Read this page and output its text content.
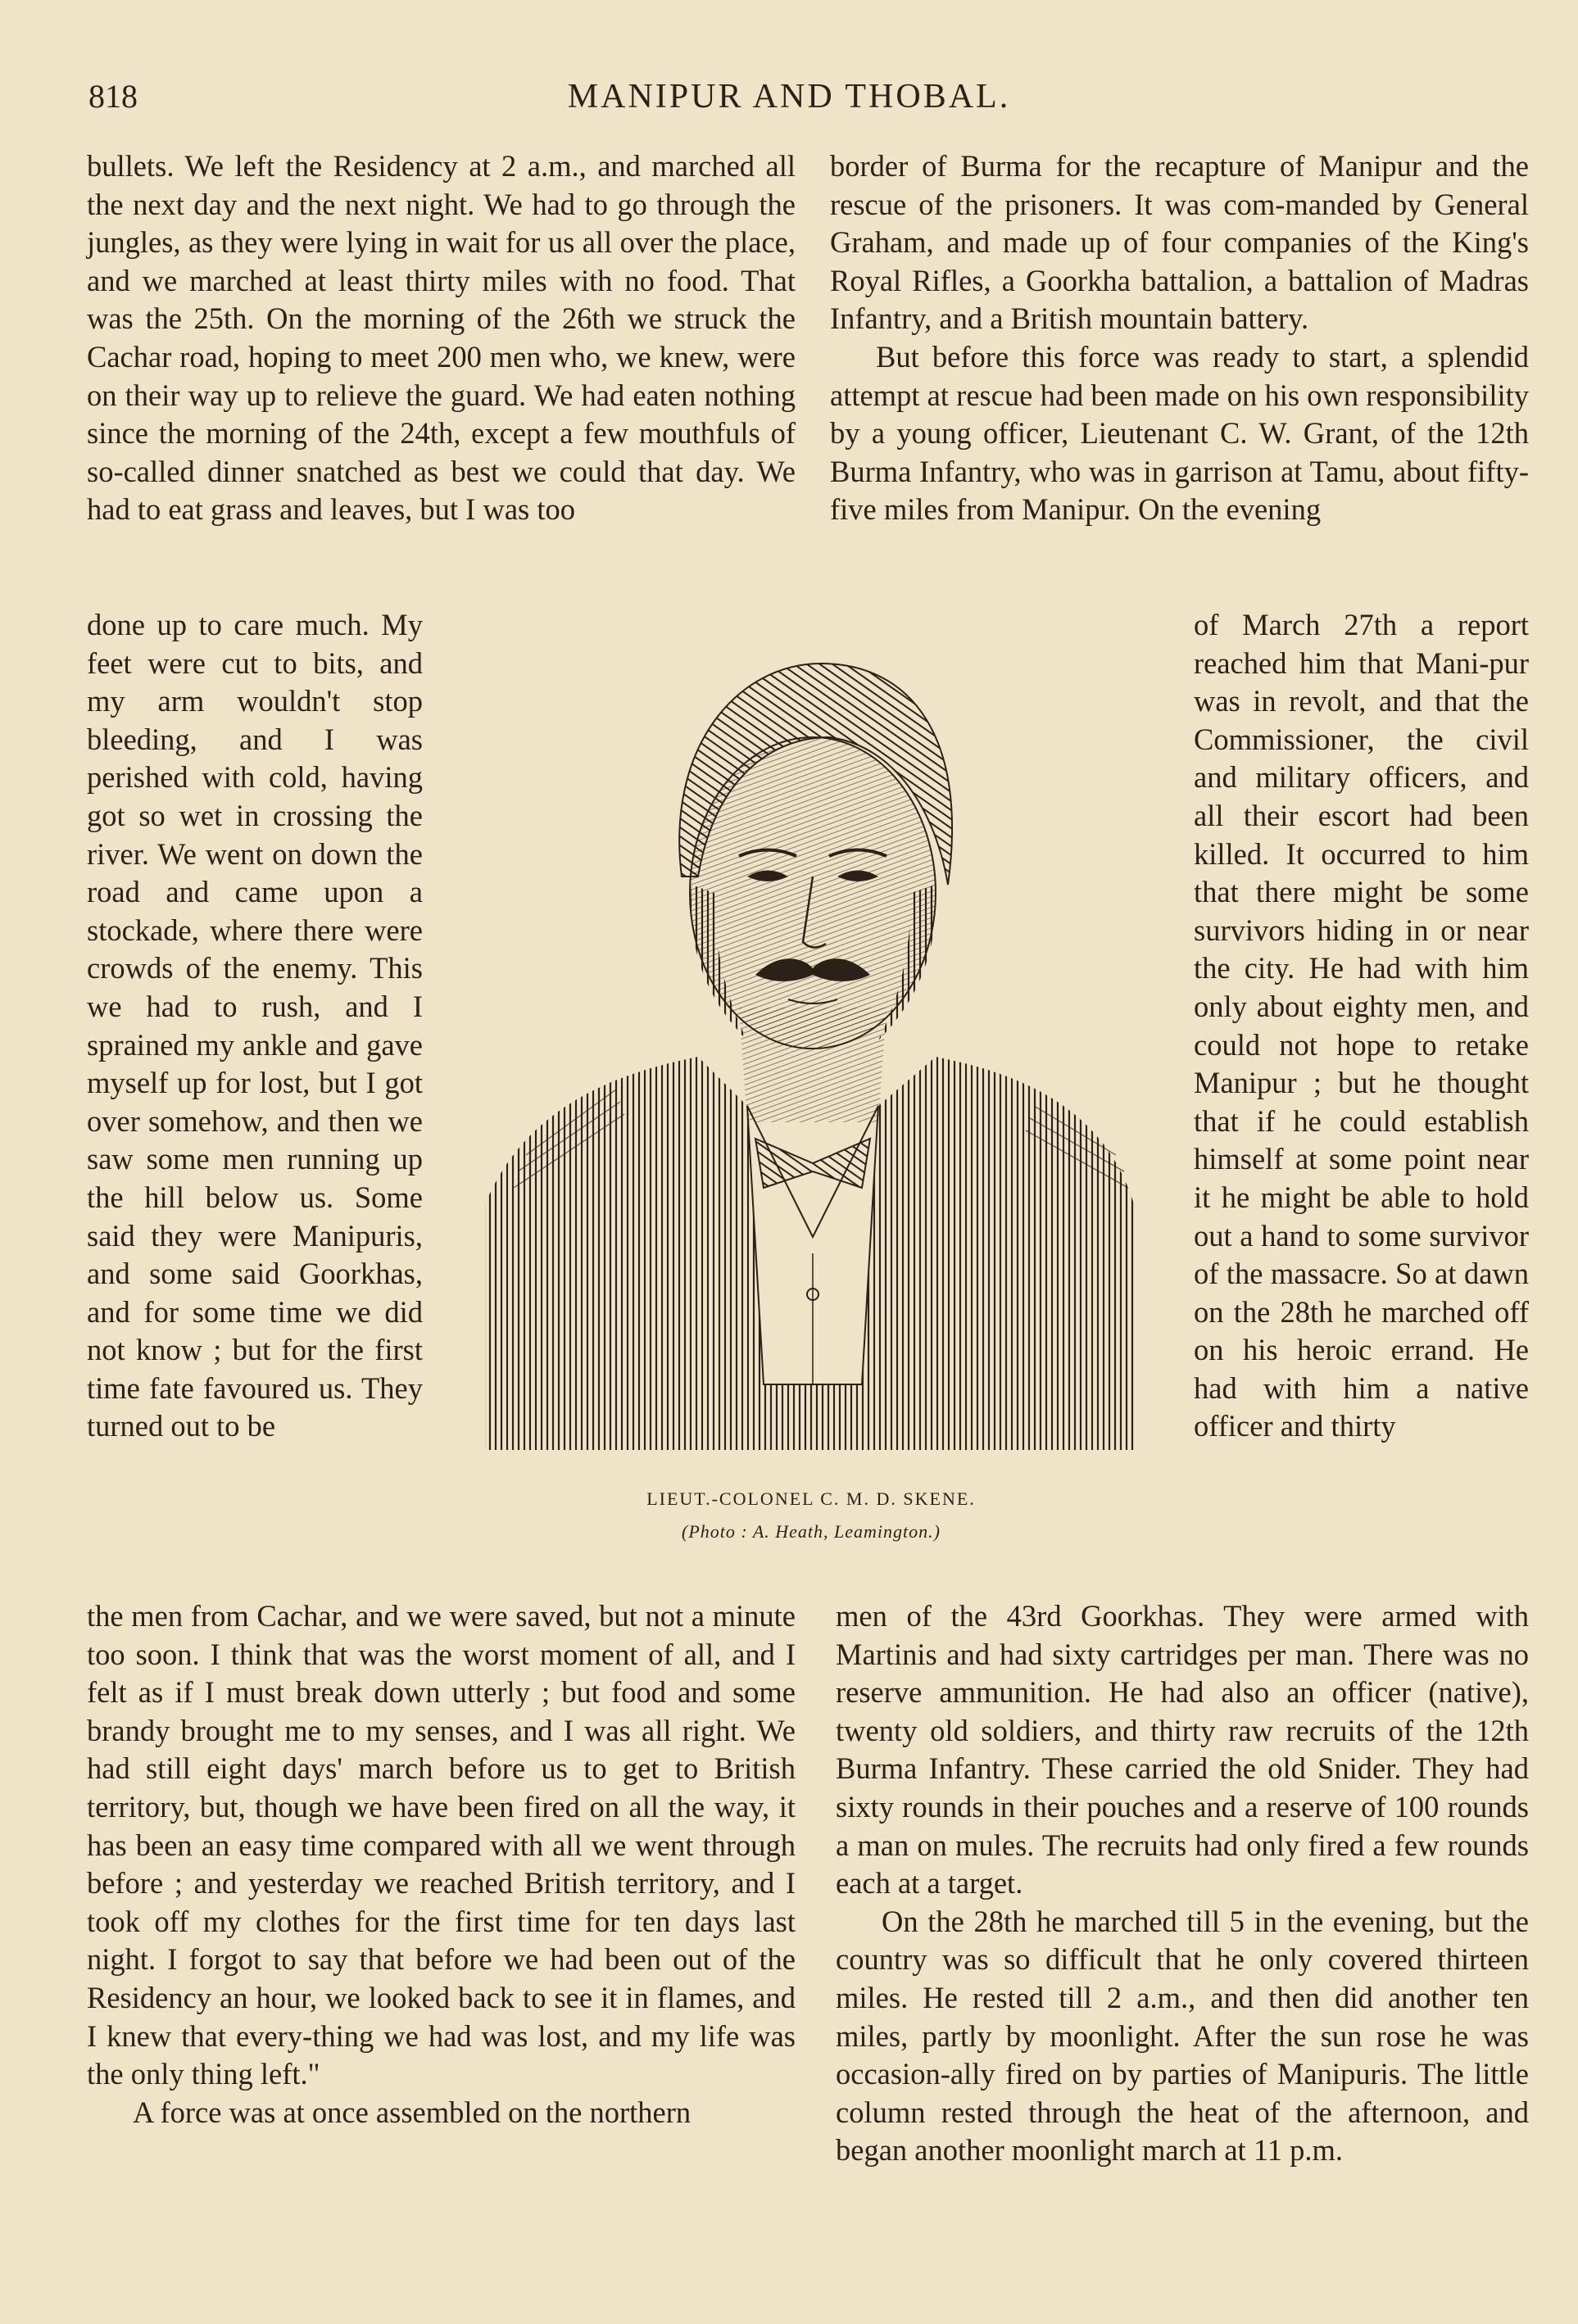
818	MANIPUR AND THOBAL.

bullets. We left the Residency at 2 a.m., and marched all the next day and the next night. We had to go through the jungles, as they were lying in wait for us all over the place, and we marched at least thirty miles with no food. That was the 25th. On the morning of the 26th we struck the Cachar road, hoping to meet 200 men who, we knew, were on their way up to relieve the guard. We had eaten nothing since the morning of the 24th, except a few mouthfuls of so-called dinner snatched as best we could that day. We had to eat grass and leaves, but I was too

done up to care much. My feet were cut to bits, and my arm wouldn't stop bleeding, and I was perished with cold, having got so wet in crossing the river. We went on down the road and came upon a stockade, where there were crowds of the enemy. This we had to rush, and I sprained my ankle and gave myself up for lost, but I got over somehow, and then we saw some men running up the hill below us. Some said they were Manipuris, and some said Goorkhas, and for some time we did not know ; but for the first time fate favoured us. They turned out to be

the men from Cachar, and we were saved, but not a minute too soon. I think that was the worst moment of all, and I felt as if I must break down utterly ; but food and some brandy brought me to my senses, and I was all right. We had still eight days' march before us to get to British territory, but, though we have been fired on all the way, it has been an easy time compared with all we went through before ; and yesterday we reached British territory, and I took off my clothes for the first time for ten days last night. I forgot to say that before we had been out of the Residency an hour, we looked back to see it in flames, and I knew that every-thing we had was lost, and my life was the only thing left."

A force was at once assembled on the northern

border of Burma for the recapture of Manipur and the rescue of the prisoners. It was com-manded by General Graham, and made up of four companies of the King's Royal Rifles, a Goorkha battalion, a battalion of Madras Infantry, and a British mountain battery.

But before this force was ready to start, a splendid attempt at rescue had been made on his own responsibility by a young officer, Lieutenant C. W. Grant, of the 12th Burma Infantry, who was in garrison at Tamu, about fifty-five miles from Manipur. On the evening

of March 27th a report reached him that Mani-pur was in revolt, and that the Commissioner, the civil and military officers, and all their escort had been killed. It occurred to him that there might be some survivors hiding in or near the city. He had with him only about eighty men, and could not hope to retake Manipur ; but he thought that if he could establish himself at some point near it he might be able to hold out a hand to some survivor of the massacre. So at dawn on the 28th he marched off on his heroic errand. He had with him a native officer and thirty

men of the 43rd Goorkhas. They were armed with Martinis and had sixty cartridges per man. There was no reserve ammunition. He had also an officer (native), twenty old soldiers, and thirty raw recruits of the 12th Burma Infantry. These carried the old Snider. They had sixty rounds in their pouches and a reserve of 100 rounds a man on mules. The recruits had only fired a few rounds each at a target.

On the 28th he marched till 5 in the evening, but the country was so difficult that he only covered thirteen miles. He rested till 2 a.m., and then did another ten miles, partly by moonlight. After the sun rose he was occasion-ally fired on by parties of Manipuris. The little column rested through the heat of the afternoon, and began another moonlight march at 11 p.m.

LIEUT.-COLONEL C. M. D. SKENE.
(Photo : A. Heath, Leamington.)
